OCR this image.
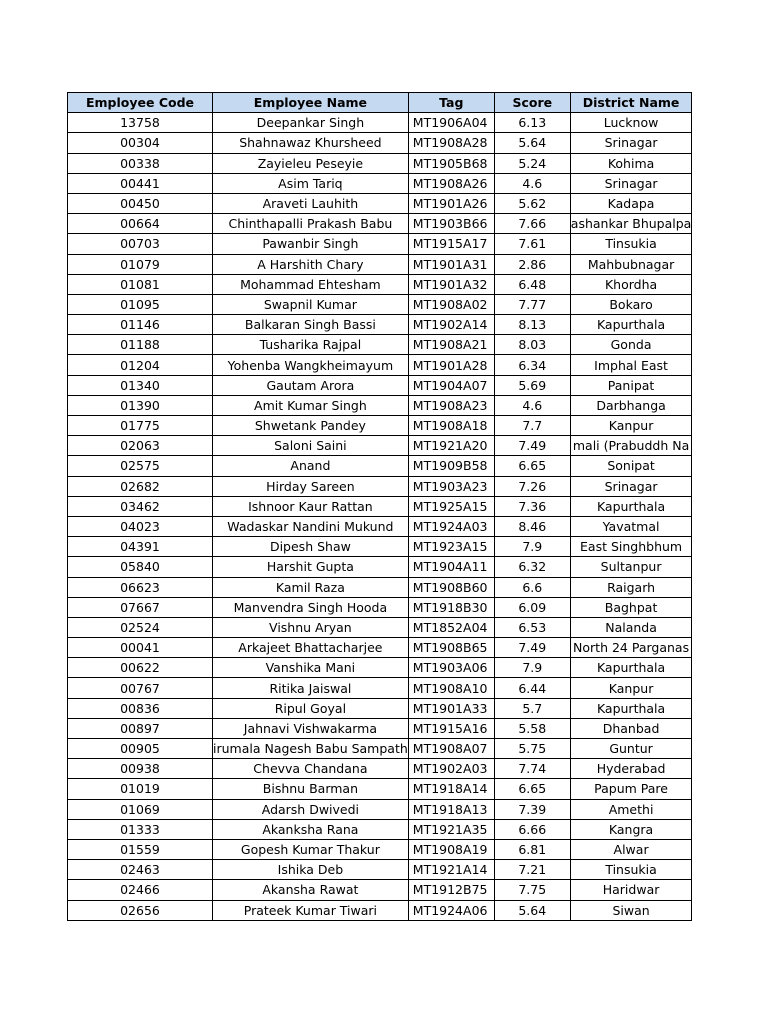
Employee Code	Employee Name	Tag	Score	District Name
13758	Deepankar Singh	MT1906A04	6.13	Lucknow
00304	Shahnawaz Khursheed	MT1908A28	5.64	Srinagar
00338	Zayieleu Peseyie	MT1905B68	5.24	Kohima
00441	Asim Tariq	MT1908A26	4.6	Srinagar
00450	Araveti Lauhith	MT1901A26	5.62	Kadapa
00664	Chinthapalli Prakash Babu	MT1903B66	7.66	ashankar Bhupalpa
00703	Pawanbir Singh	MT1915A17	7.61	Tinsukia
01079	A Harshith Chary	MT1901A31	2.86	Mahbubnagar
01081	Mohammad Ehtesham	MT1901A32	6.48	Khordha
01095	Swapnil Kumar	MT1908A02	7.77	Bokaro
01146	Balkaran Singh Bassi	MT1902A14	8.13	Kapurthala
01188	Tusharika Rajpal	MT1908A21	8.03	Gonda
01204	Yohenba Wangkheimayum	MT1901A28	6.34	Imphal East
01340	Gautam Arora	MT1904A07	5.69	Panipat
01390	Amit Kumar Singh	MT1908A23	4.6	Darbhanga
01775	Shwetank Pandey	MT1908A18	7.7	Kanpur
02063	Saloni Saini	MT1921A20	7.49	mali (Prabuddh Na
02575	Anand	MT1909B58	6.65	Sonipat
02682	Hirday Sareen	MT1903A23	7.26	Srinagar
03462	Ishnoor Kaur Rattan	MT1925A15	7.36	Kapurthala
04023	Wadaskar Nandini Mukund	MT1924A03	8.46	Yavatmal
04391	Dipesh Shaw	MT1923A15	7.9	East Singhbhum
05840	Harshit Gupta	MT1904A11	6.32	Sultanpur
06623	Kamil Raza	MT1908B60	6.6	Raigarh
07667	Manvendra Singh Hooda	MT1918B30	6.09	Baghpat
02524	Vishnu Aryan	MT1852A04	6.53	Nalanda
00041	Arkajeet Bhattacharjee	MT1908B65	7.49	North 24 Parganas
00622	Vanshika Mani	MT1903A06	7.9	Kapurthala
00767	Ritika Jaiswal	MT1908A10	6.44	Kanpur
00836	Ripul Goyal	MT1901A33	5.7	Kapurthala
00897	Jahnavi Vishwakarma	MT1915A16	5.58	Dhanbad
00905	irumala Nagesh Babu Sampath	MT1908A07	5.75	Guntur
00938	Chevva Chandana	MT1902A03	7.74	Hyderabad
01019	Bishnu Barman	MT1918A14	6.65	Papum Pare
01069	Adarsh Dwivedi	MT1918A13	7.39	Amethi
01333	Akanksha Rana	MT1921A35	6.66	Kangra
01559	Gopesh Kumar Thakur	MT1908A19	6.81	Alwar
02463	Ishika Deb	MT1921A14	7.21	Tinsukia
02466	Akansha Rawat	MT1912B75	7.75	Haridwar
02656	Prateek Kumar Tiwari	MT1924A06	5.64	Siwan
